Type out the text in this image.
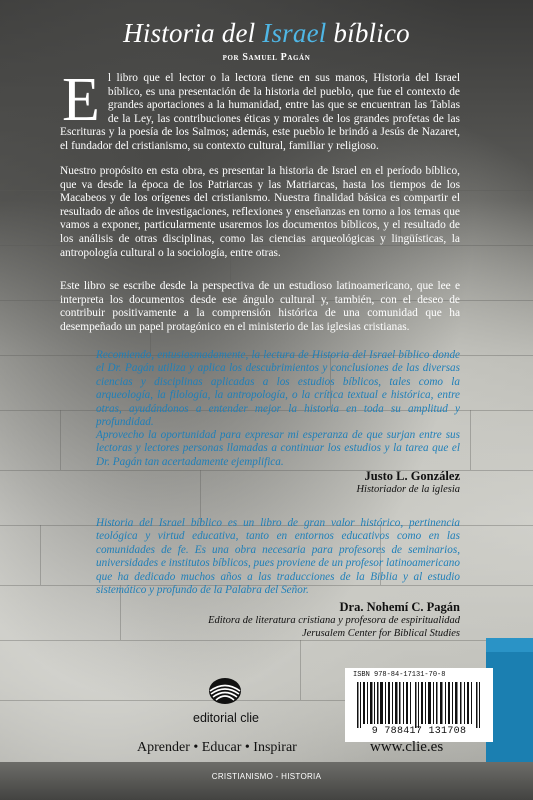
Historia del Israel bíblico
por Samuel Pagán
El libro que el lector o la lectora tiene en sus manos, Historia del Israel bíblico, es una presentación de la historia del pueblo, que fue el contexto de grandes aportaciones a la humanidad, entre las que se encuentran las Tablas de la Ley, las contribuciones éticas y morales de los grandes profetas de las Escrituras y la poesía de los Salmos; además, este pueblo le brindó a Jesús de Nazaret, el fundador del cristianismo, su contexto cultural, familiar y religioso.
Nuestro propósito en esta obra, es presentar la historia de Israel en el período bíblico, que va desde la época de los Patriarcas y las Matriarcas, hasta los tiempos de los Macabeos y de los orígenes del cristianismo. Nuestra finalidad básica es compartir el resultado de años de investigaciones, reflexiones y enseñanzas en torno a los temas que vamos a exponer, particularmente usaremos los documentos bíblicos, y el resultado de los análisis de otras disciplinas, como las ciencias arqueológicas y lingüísticas, la antropología cultural o la sociología, entre otras.
Este libro se escribe desde la perspectiva de un estudioso latinoamericano, que lee e interpreta los documentos desde ese ángulo cultural y, también, con el deseo de contribuir positivamente a la comprensión histórica de una comunidad que ha desempeñado un papel protagónico en el ministerio de las iglesias cristianas.
Recomiendo, entusiasmadamente, la lectura de Historia del Israel bíblico donde el Dr. Pagán utiliza y aplica los descubrimientos y conclusiones de las diversas ciencias y disciplinas aplicadas a los estudios bíblicos, tales como la arqueología, la filología, la antropología, o la crítica textual e histórica, entre otras, ayudándonos a entender mejor la historia en toda su amplitud y profundidad.
Aprovecho la oportunidad para expresar mi esperanza de que surjan entre sus lectoras y lectores personas llamadas a continuar los estudios y la tarea que el Dr. Pagán tan acertadamente ejemplifica.
Justo L. González
Historiador de la iglesia
Historia del Israel bíblico es un libro de gran valor histórico, pertinencia teológica y virtud educativa, tanto en entornos educativos como en las comunidades de fe. Es una obra necesaria para profesores de seminarios, universidades e institutos bíblicos, pues proviene de un profesor latinoamericano que ha dedicado muchos años a las traducciones de la Biblia y al estudio sistemático y profundo de la Palabra del Señor.
Dra. Nohemí C. Pagán
Editora de literatura cristiana y profesora de espiritualidad
Jerusalem Center for Biblical Studies
editorial clie
ISBN 978-84-17131-70-8
9 788417 131708
Aprender • Educar • Inspirar	www.clie.es
CRISTIANISMO - HISTORIA
